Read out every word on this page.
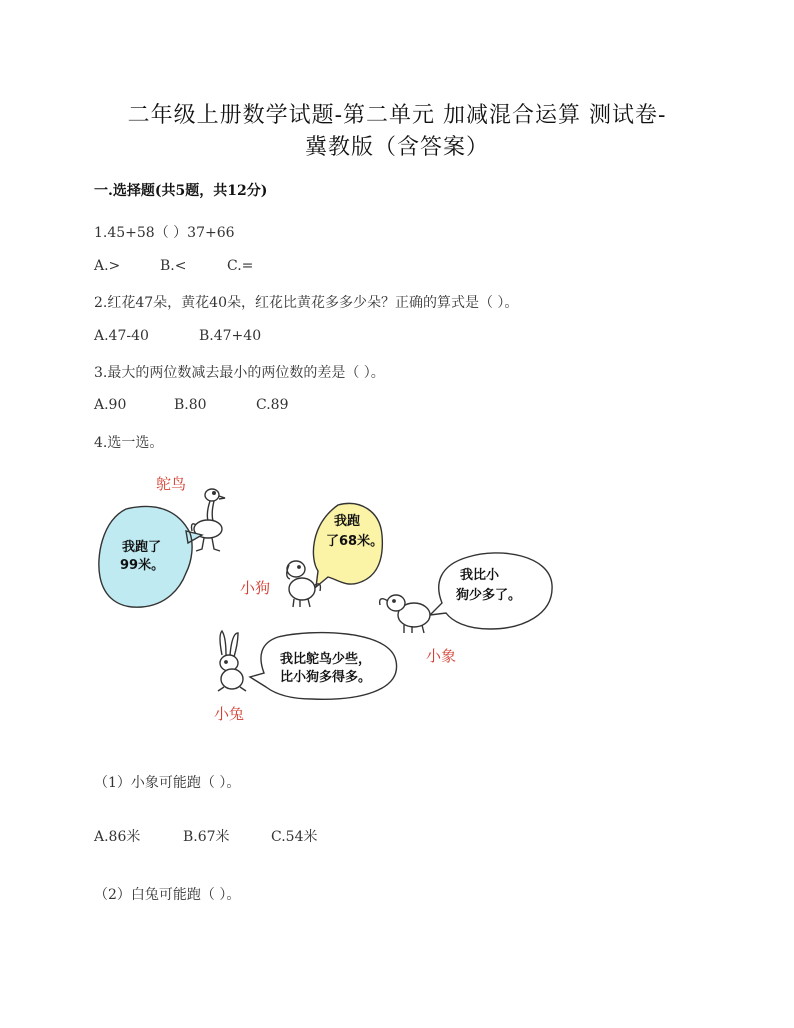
二年级上册数学试题-第二单元 加减混合运算 测试卷-
冀教版（含答案）
一.选择题(共5题，共12分)
1.45+58（ ）37+66
A.>	B.<	C.=
2.红花47朵，黄花40朵，红花比黄花多多少朵？正确的算式是（ ）。
A.47-40	B.47+40
3.最大的两位数减去最小的两位数的差是（ ）。
A.90	B.80	C.89
4.选一选。
鸵鸟
我跑了
99米。
我跑
了68米。
小狗
我比小
狗少多了。
小象
我比鸵鸟少些，
比小狗多得多。
小兔
（1）小象可能跑（ ）。
A.86米	B.67米	C.54米
（2）白兔可能跑（ ）。
